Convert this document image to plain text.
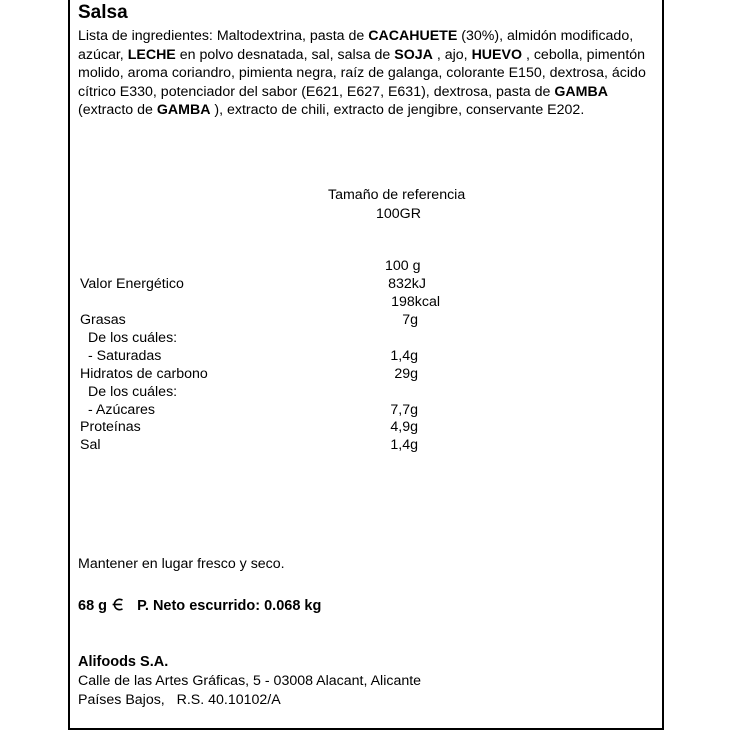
Salsa
Lista de ingredientes: Maltodextrina, pasta de CACAHUETE (30%), almidón modificado, azúcar, LECHE en polvo desnatada, sal, salsa de SOJA , ajo, HUEVO , cebolla, pimentón molido, aroma coriandro, pimienta negra, raíz de galanga, colorante E150, dextrosa, ácido cítrico E330, potenciador del sabor (E621, E627, E631), dextrosa, pasta de GAMBA (extracto de GAMBA ), extracto de chili, extracto de jengibre, conservante E202.
Tamaño de referencia
100GR
100 g
Valor Energético	832kJ
198kcal
Grasas	7g
De los cuáles:
- Saturadas	1,4g
Hidratos de carbono	29g
De los cuáles:
- Azúcares	7,7g
Proteínas	4,9g
Sal	1,4g
Mantener en lugar fresco y seco.
68 g P. Neto escurrido: 0.068 kg
Alifoods S.A.
Calle de las Artes Gráficas, 5 - 03008 Alacant, Alicante
Países Bajos,   R.S. 40.10102/A
